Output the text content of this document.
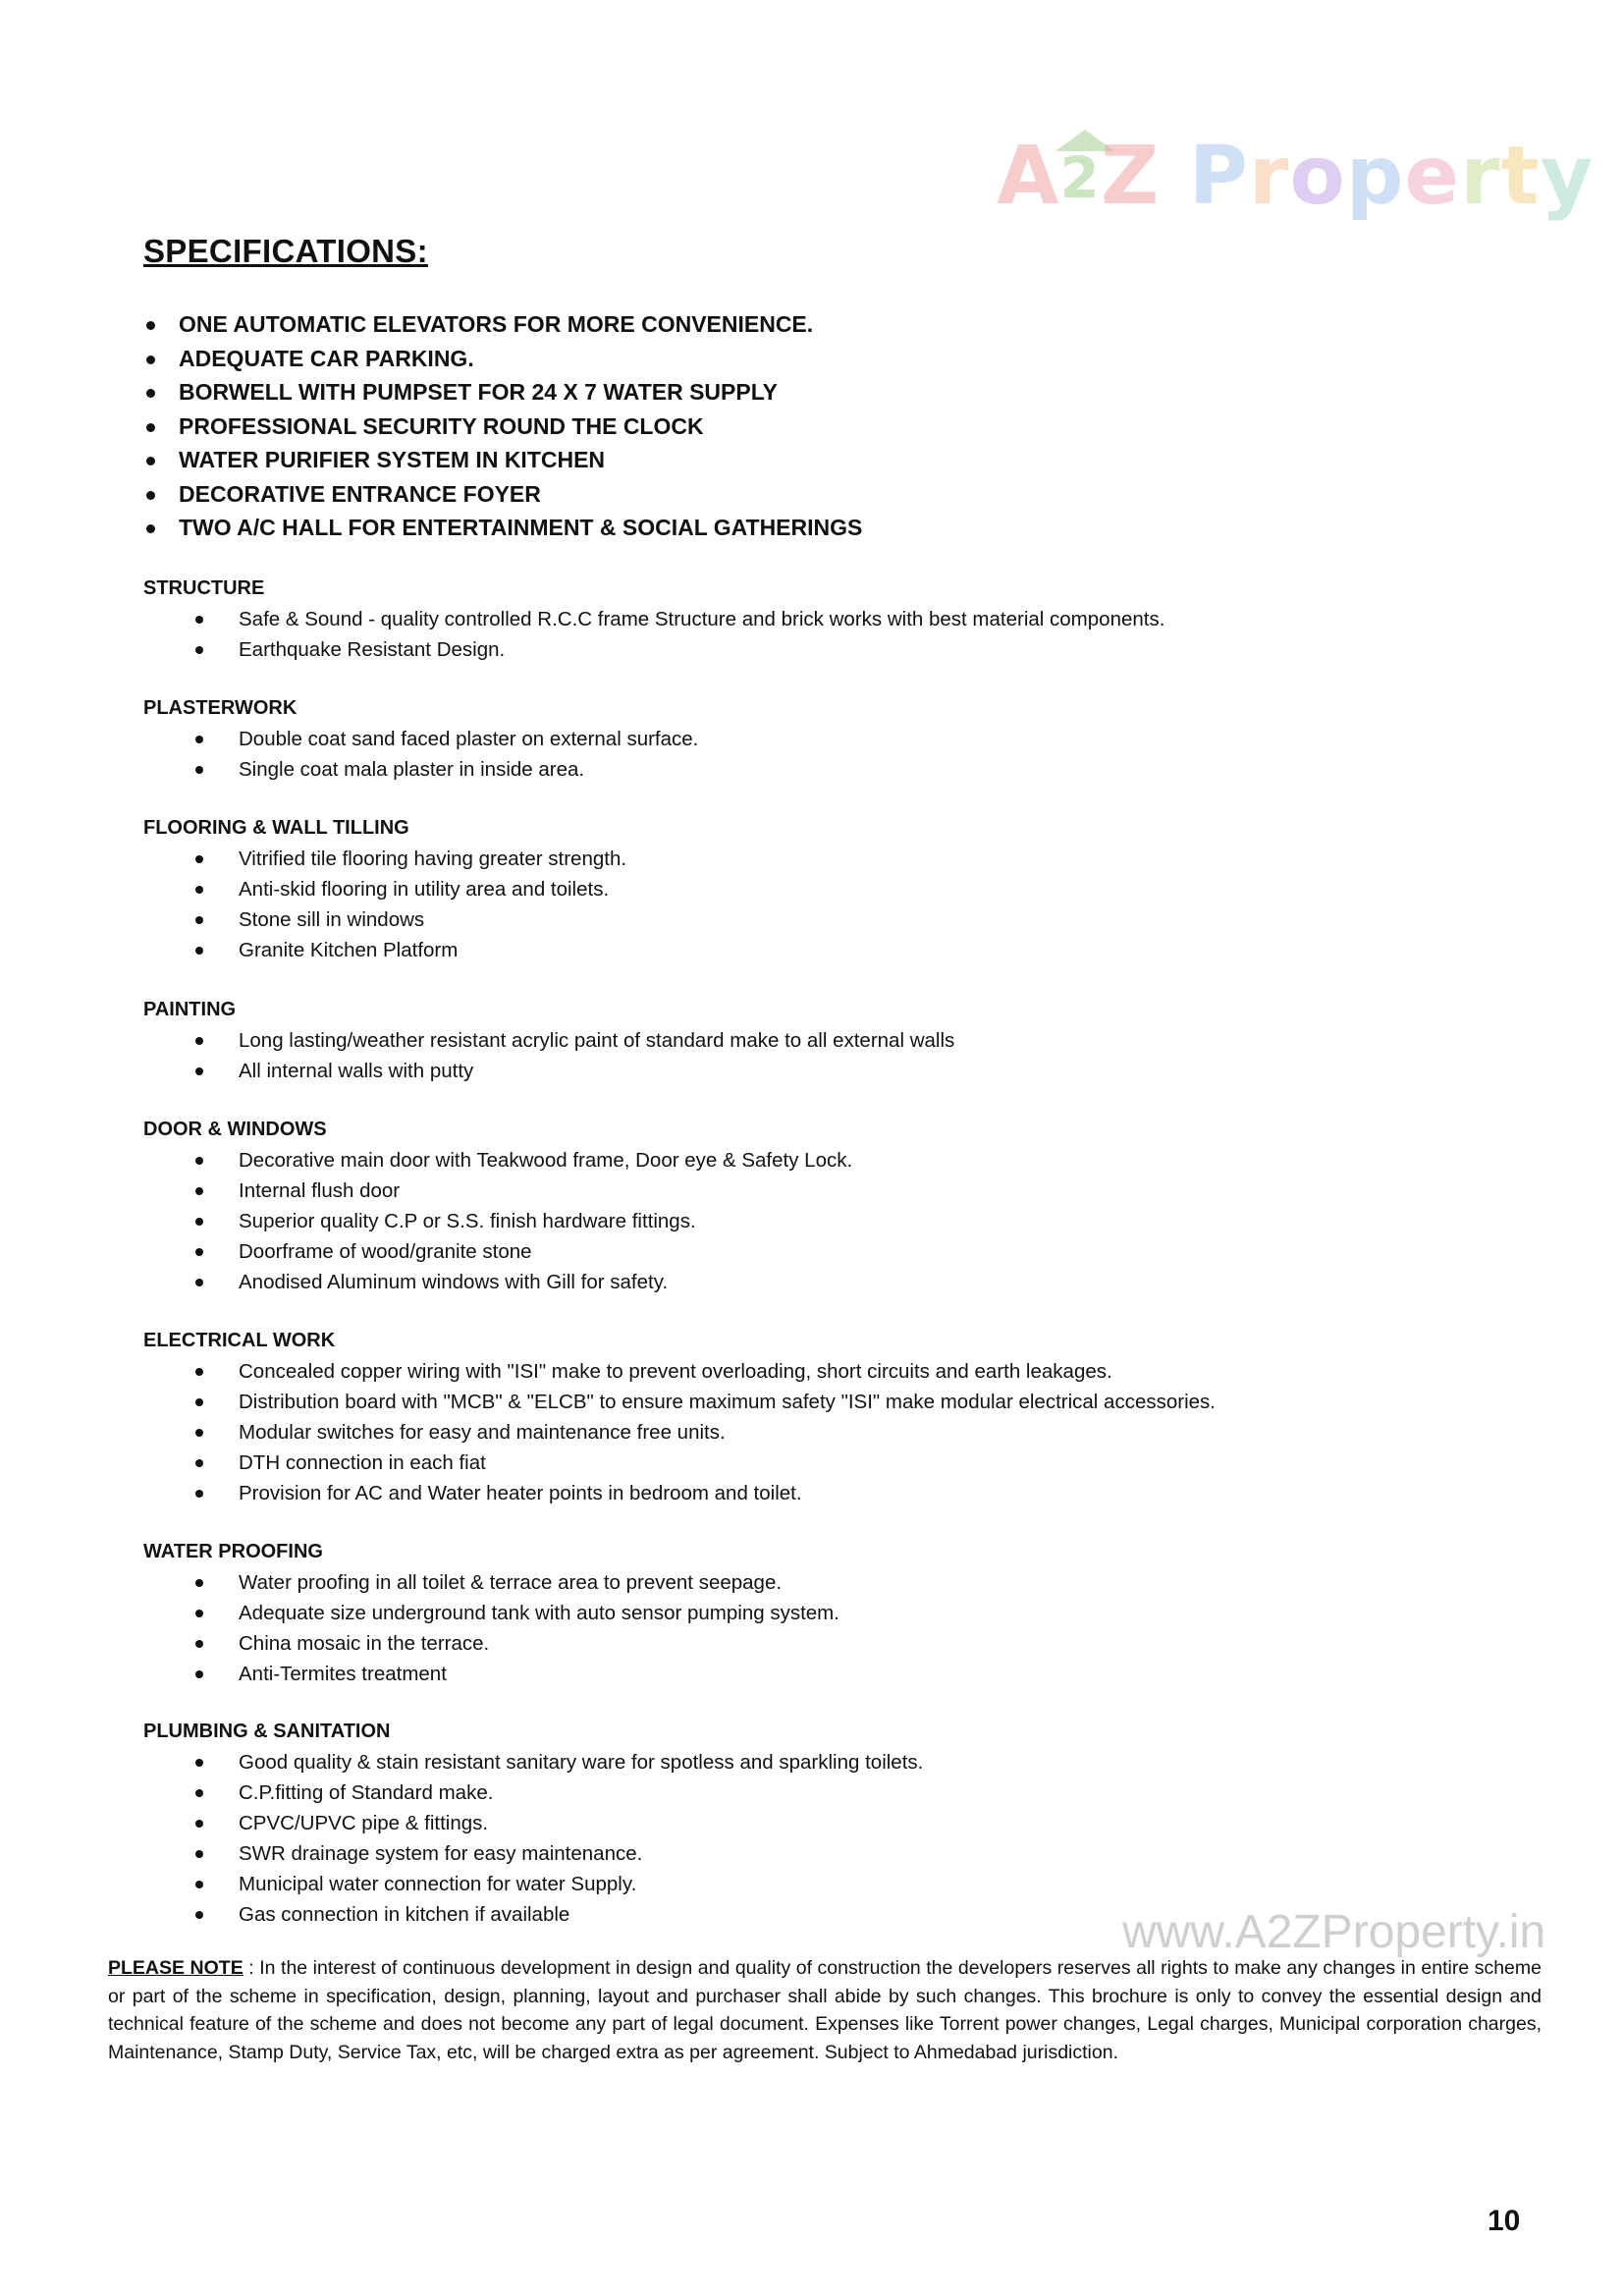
A2Z Property
SPECIFICATIONS:
ONE AUTOMATIC ELEVATORS FOR MORE CONVENIENCE.
ADEQUATE CAR PARKING.
BORWELL WITH PUMPSET FOR 24 X 7 WATER SUPPLY
PROFESSIONAL SECURITY ROUND THE CLOCK
WATER PURIFIER SYSTEM IN KITCHEN
DECORATIVE ENTRANCE FOYER
TWO A/C HALL FOR ENTERTAINMENT & SOCIAL GATHERINGS
STRUCTURE
Safe & Sound - quality controlled R.C.C frame Structure and brick works with best material components.
Earthquake Resistant Design.
PLASTERWORK
Double coat sand faced plaster on external surface.
Single coat mala plaster in inside area.
FLOORING & WALL TILLING
Vitrified tile flooring having greater strength.
Anti-skid flooring in utility area and toilets.
Stone sill in windows
Granite Kitchen Platform
PAINTING
Long lasting/weather resistant acrylic paint of standard make to all external walls
All internal walls with putty
DOOR & WINDOWS
Decorative main door with Teakwood frame, Door eye & Safety Lock.
Internal flush door
Superior quality C.P or S.S. finish hardware fittings.
Doorframe of wood/granite stone
Anodised Aluminum windows with Gill for safety.
ELECTRICAL WORK
Concealed copper wiring with "ISI" make to prevent overloading, short circuits and earth leakages.
Distribution board with "MCB" & "ELCB" to ensure maximum safety "ISI" make modular electrical accessories.
Modular switches for easy and maintenance free units.
DTH connection in each fiat
Provision for AC and Water heater points in bedroom and toilet.
WATER PROOFING
Water proofing in all toilet & terrace area to prevent seepage.
Adequate size underground tank with auto sensor pumping system.
China mosaic in the terrace.
Anti-Termites treatment
PLUMBING & SANITATION
Good quality & stain resistant sanitary ware for spotless and sparkling toilets.
C.P.fitting of Standard make.
CPVC/UPVC pipe & fittings.
SWR drainage system for easy maintenance.
Municipal water connection for water Supply.
Gas connection in kitchen if available	www.A2ZProperty.in

PLEASE NOTE : In the interest of continuous development in design and quality of construction the developers reserves all rights to make any changes in entire scheme or part of the scheme in specification, design, planning, layout and purchaser shall abide by such changes. This brochure is only to convey the essential design and technical feature of the scheme and does not become any part of legal document. Expenses like Torrent power changes, Legal charges, Municipal corporation charges, Maintenance, Stamp Duty, Service Tax, etc, will be charged extra as per agreement. Subject to Ahmedabad jurisdiction.

10
